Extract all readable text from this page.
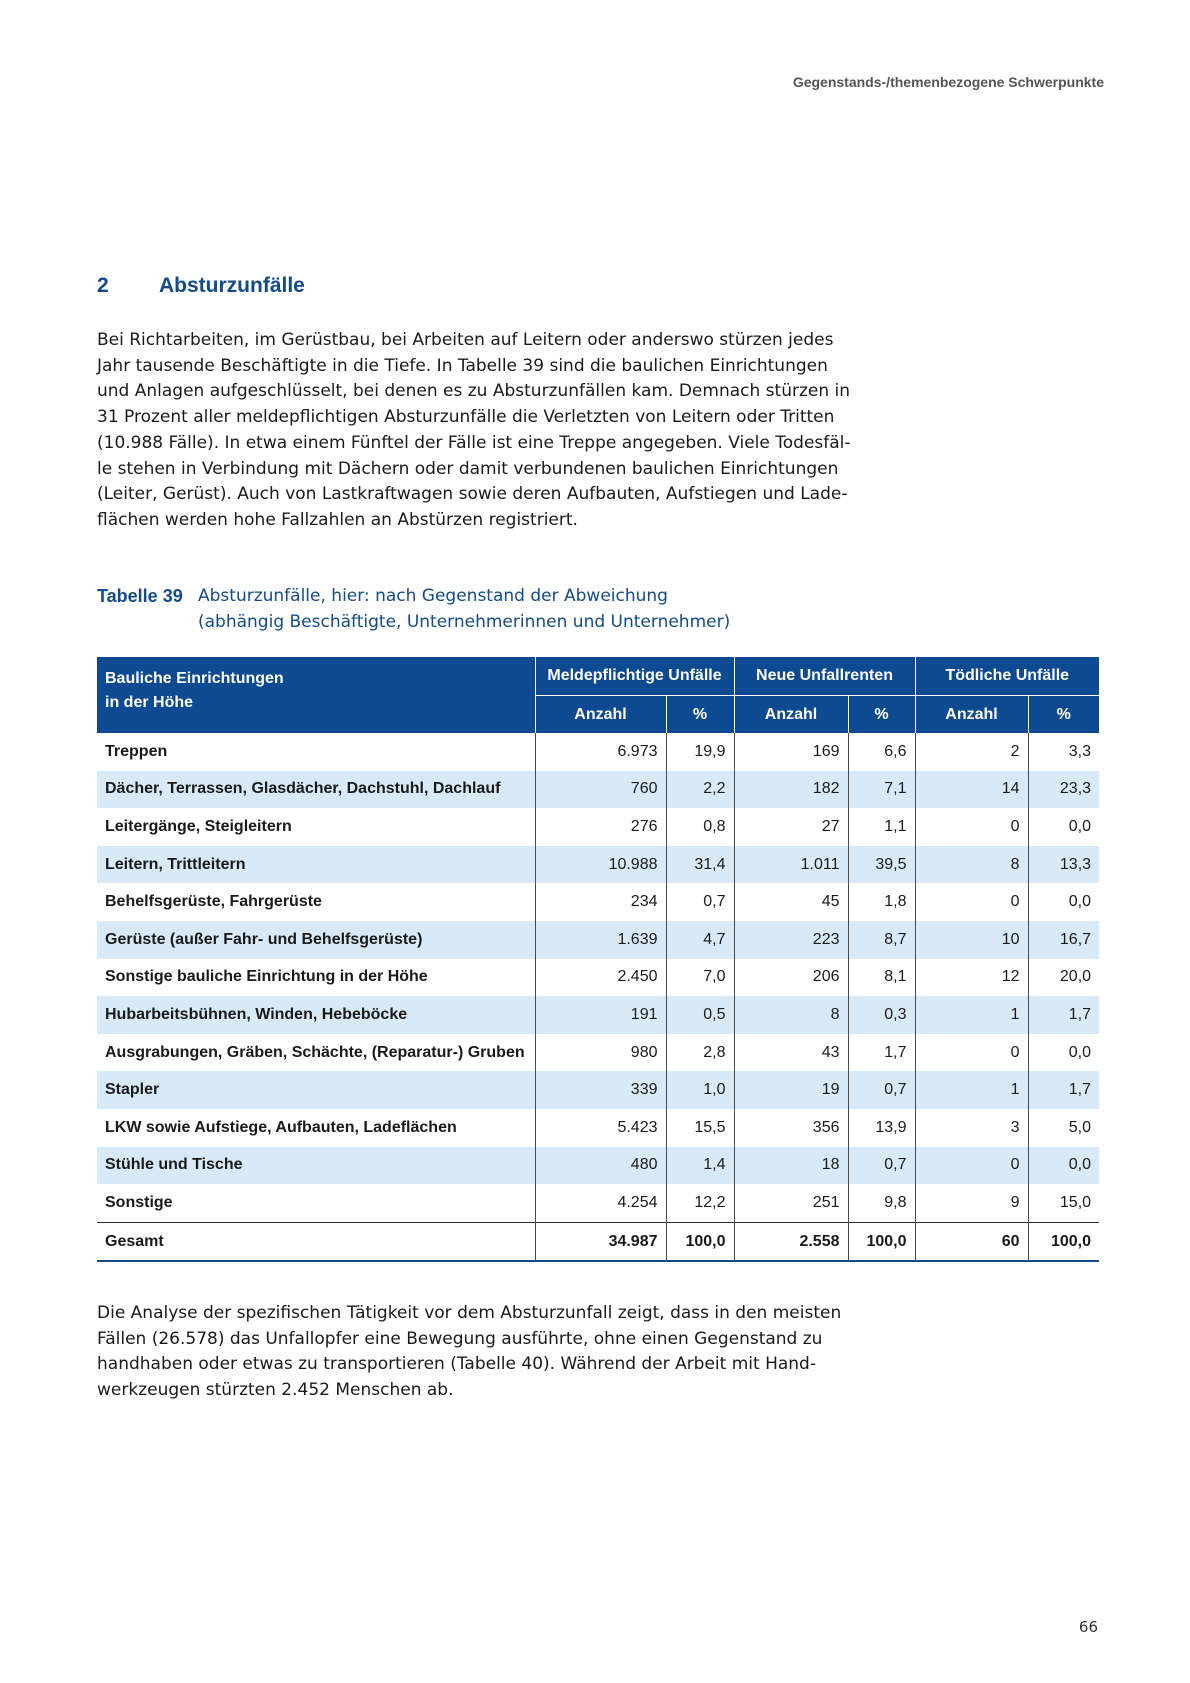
Gegenstands-/themenbezogene Schwerpunkte
2 Absturzunfälle

Bei Richtarbeiten, im Gerüstbau, bei Arbeiten auf Leitern oder anderswo stürzen jedes

Jahr tausende Beschäftigte in die Tiefe. In Tabelle 39 sind die baulichen Einrichtungen

und Anlagen aufgeschlüsselt, bei denen es zu Absturzunfällen kam. Demnach stürzen in

31 Prozent aller meldepflichtigen Absturzunfälle die Verletzten von Leitern oder Tritten

(10.988 Fälle). In etwa einem Fünftel der Fälle ist eine Treppe angegeben. Viele Todesfäl-

le stehen in Verbindung mit Dächern oder damit verbundenen baulichen Einrichtungen

(Leiter, Gerüst). Auch von Lastkraftwagen sowie deren Aufbauten, Aufstiegen und Lade-

flächen werden hohe Fallzahlen an Abstürzen registriert.

Tabelle 39 Absturzunfälle, hier: nach Gegenstand der Abweichung
(abhängig Beschäftigte, Unternehmerinnen und Unternehmer)
Bauliche Einrichtungen
in der Höhe	Meldepflichtige Unfälle		Neue Unfallrenten		Tödliche Unfälle	
	Anzahl	%	Anzahl	%	Anzahl	%
Treppen	6.973	19,9	169	6,6	2	3,3
Dächer, Terrassen, Glasdächer, Dachstuhl, Dachlauf	760	2,2	182	7,1	14	23,3
Leitergänge, Steigleitern	276	0,8	27	1,1	0	0,0
Leitern, Trittleitern	10.988	31,4	1.011	39,5	8	13,3
Behelfsgerüste, Fahrgerüste	234	0,7	45	1,8	0	0,0
Gerüste (außer Fahr- und Behelfsgerüste)	1.639	4,7	223	8,7	10	16,7
Sonstige bauliche Einrichtung in der Höhe	2.450	7,0	206	8,1	12	20,0
Hubarbeitsbühnen, Winden, Hebeböcke	191	0,5	8	0,3	1	1,7
Ausgrabungen, Gräben, Schächte, (Reparatur-) Gruben	980	2,8	43	1,7	0	0,0
Stapler	339	1,0	19	0,7	1	1,7
LKW sowie Aufstiege, Aufbauten, Ladeflächen	5.423	15,5	356	13,9	3	5,0
Stühle und Tische	480	1,4	18	0,7	0	0,0
Sonstige	4.254	12,2	251	9,8	9	15,0
Gesamt	34.987	100,0	2.558	100,0	60	100,0

Die Analyse der spezifischen Tätigkeit vor dem Absturzunfall zeigt, dass in den meisten

Fällen (26.578) das Unfallopfer eine Bewegung ausführte, ohne einen Gegenstand zu

handhaben oder etwas zu transportieren (Tabelle 40). Während der Arbeit mit Hand-

werkzeugen stürzten 2.452 Menschen ab.

66
